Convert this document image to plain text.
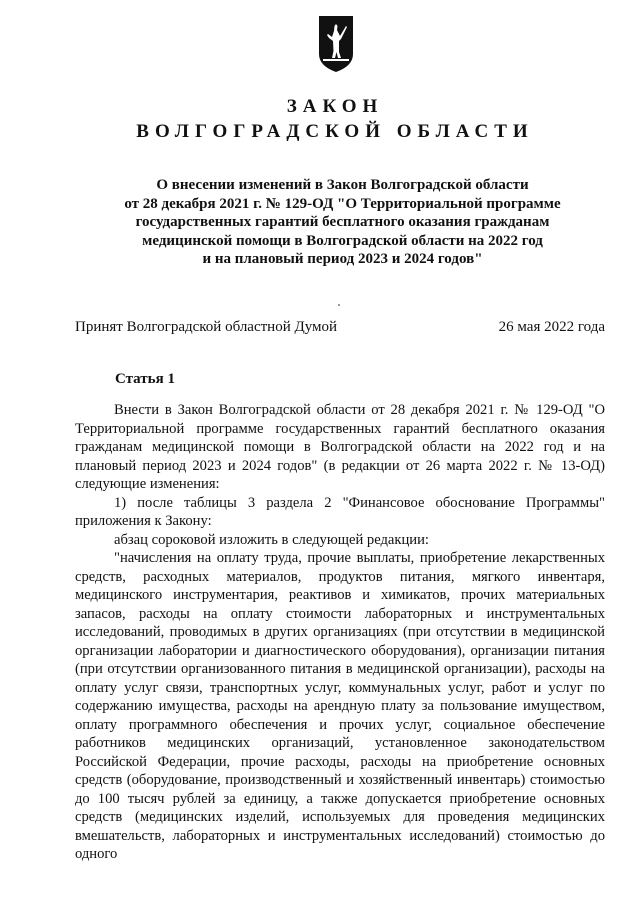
ЗАКОН
ВОЛГОГРАДСКОЙ ОБЛАСТИ
О внесении изменений в Закон Волгоградской области
от 28 декабря 2021 г. № 129-ОД "О Территориальной программе
государственных гарантий бесплатного оказания гражданам
медицинской помощи в Волгоградской области на 2022 год
и на плановый период 2023 и 2024 годов"
Принят Волгоградской областной Думой	26 мая 2022 года
Статья 1

Внести в Закон Волгоградской области от 28 декабря 2021 г. № 129-ОД "О Территориальной программе государственных гарантий бесплатного оказания гражданам медицинской помощи в Волгоградской области на 2022 год и на плановый период 2023 и 2024 годов" (в редакции от 26 марта 2022 г. № 13-ОД) следующие изменения:

1) после таблицы 3 раздела 2 "Финансовое обоснование Программы" приложения к Закону:

абзац сороковой изложить в следующей редакции:

"начисления на оплату труда, прочие выплаты, приобретение лекарственных средств, расходных материалов, продуктов питания, мягкого инвентаря, медицинского инструментария, реактивов и химикатов, прочих материальных запасов, расходы на оплату стоимости лабораторных и инструментальных исследований, проводимых в других организациях (при отсутствии в медицинской организации лаборатории и диагностического оборудования), организации питания (при отсутствии организованного питания в медицинской организации), расходы на оплату услуг связи, транспортных услуг, коммунальных услуг, работ и услуг по содержанию имущества, расходы на арендную плату за пользование имуществом, оплату программного обеспечения и прочих услуг, социальное обеспечение работников медицинских организаций, установленное законодательством Российской Федерации, прочие расходы, расходы на приобретение основных средств (оборудование, производственный и хозяйственный инвентарь) стоимостью до 100 тысяч рублей за единицу, а также допускается приобретение основных средств (медицинских изделий, используемых для проведения медицинских вмешательств, лабораторных и инструментальных исследований) стоимостью до одного
